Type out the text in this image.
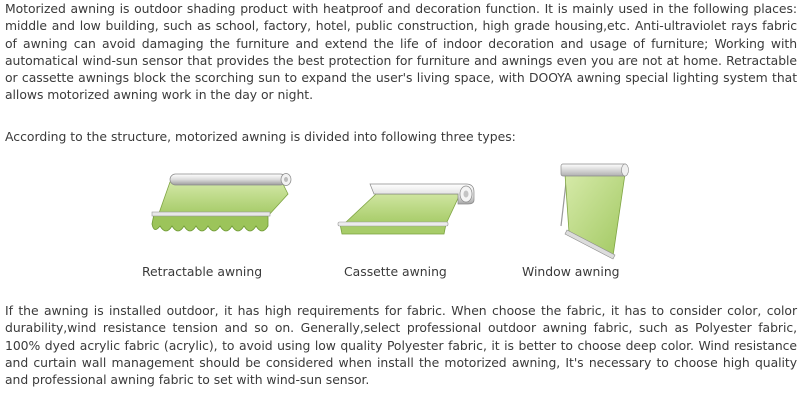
Motorized awning is outdoor shading product with heatproof and decoration function. It is mainly used in the following places: middle and low building, such as school, factory, hotel, public construction, high grade housing,etc. Anti-ultraviolet rays fabric of awning can avoid damaging the furniture and extend the life of indoor decoration and usage of furniture; Working with automatical wind-sun sensor that provides the best protection for furniture and awnings even you are not at home. Retractable or cassette awnings block the scorching sun to expand the user's living space, with DOOYA awning special lighting system that allows motorized awning work in the day or night.

According to the structure, motorized awning is divided into following three types:

Retractable awning	Cassette awning	Window awning

If the awning is installed outdoor, it has high requirements for fabric. When choose the fabric, it has to consider color, color durability,wind resistance tension and so on. Generally,select professional outdoor awning fabric, such as Polyester fabric, 100% dyed acrylic fabric (acrylic), to avoid using low quality Polyester fabric, it is better to choose deep color. Wind resistance and curtain wall management should be considered when install the motorized awning, It's necessary to choose high quality and professional awning fabric to set with wind-sun sensor.
